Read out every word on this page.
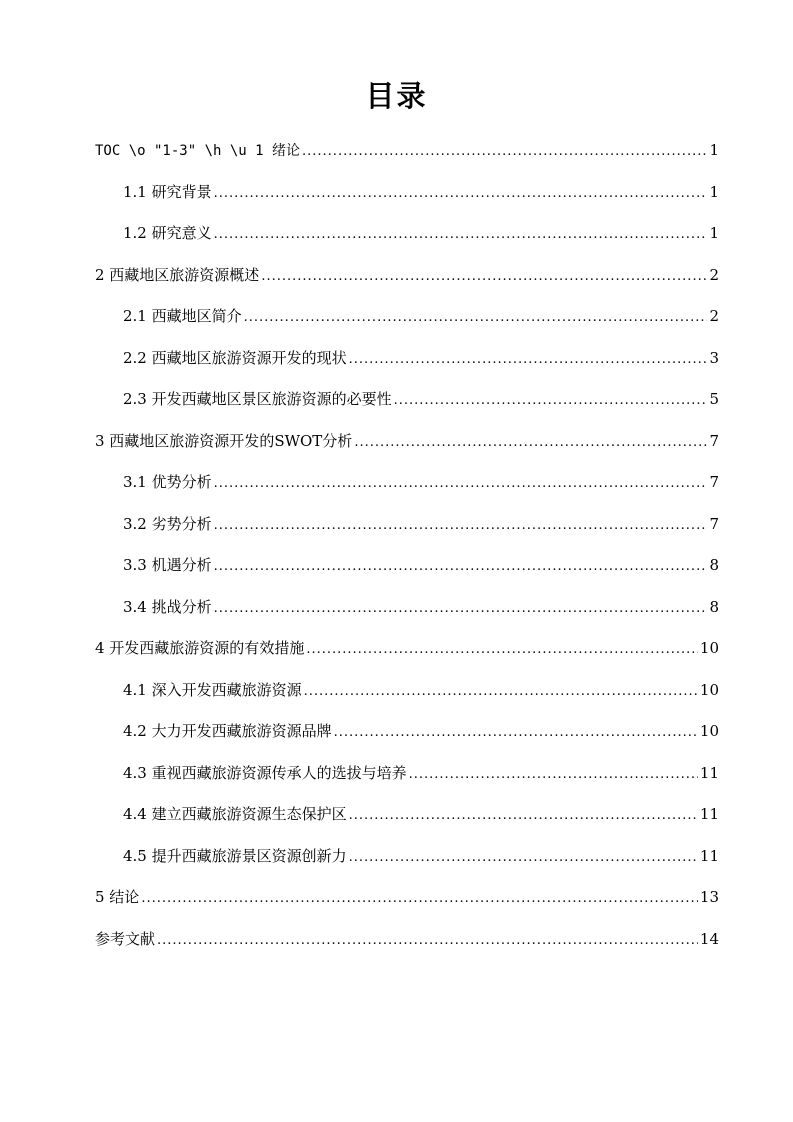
目录
TOC \o "1-3" \h \u 1 绪论 .....	1
1.1 研究背景 .....	1
1.2 研究意义 .....	1
2 西藏地区旅游资源概述 .....	2
2.1 西藏地区简介 .....	2
2.2 西藏地区旅游资源开发的现状 .....	3
2.3 开发西藏地区景区旅游资源的必要性 .....	5
3 西藏地区旅游资源开发的SWOT分析 .....	7
3.1 优势分析 .....	7
3.2 劣势分析 .....	7
3.3 机遇分析 .....	8
3.4 挑战分析 .....	8
4 开发西藏旅游资源的有效措施 .....	10
4.1 深入开发西藏旅游资源 .....	10
4.2 大力开发西藏旅游资源品牌 .....	10
4.3 重视西藏旅游资源传承人的选拔与培养 .....	11
4.4 建立西藏旅游资源生态保护区 .....	11
4.5 提升西藏旅游景区资源创新力 .....	11
5 结论 .....	13
参考文献 .....	14
